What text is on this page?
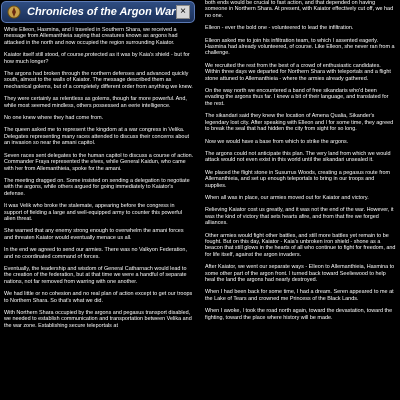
Chronicles of the Argon War ×

While Elleon, Hasmina, and I traveled in Southern Shara, we received a message from Allemanthieia saying that creatures known as argons had attacked in the north and now occupied the region surrounding Kaiator.

Kaiator itself still stood, of course,protected as it was by Kaia's shield - but for how much longer?

The argons had broken through the northern defenses and advanced quickly south, almost to the walls of Kaiator. The message described them as mechanical golems, but of a completely different order from anything we knew.

They were certainly as relentless as golems, though far more powerful. And, while most seemed mindless, others possessed an eerie intelligence.

No one knew where they had come from.

The queen asked me to represent the kingdom at a war congress in Velika. Delegates representing many races attended to discuss their concerns about an invasion so near the amani capitol.

Seven races sent delegates to the human capitol to discuss a course of action. Commander Fraya represented the elves, while General Kaidun, who came with her from Allemanthieia, spoke for the amani.

The meeting dragged on. Some insisted on sending a delegation to negotiate with the argons, while others argued for going immediately to Kaiator's defense.

It was Velik who broke the stalemate, appearing before the congress in support of fielding a large and well-equipped army to counter this powerful alien threat.

She warned that any enemy strong enough to overwhelm the amani forces and threaten Kaiator would eventually menace us all.

In the end we agreed to send our armies. There was no Valkyon Federation, and no coordinated command of forces.

Eventually, the leadership and wisdom of General Catharnach would lead to the creation of the federation, but at that time we were a handful of separate nations, not far removed from warring with one another.

We had little or no cohesion and no real plan of action except to get our troops to Northern Shara. So that's what we did.

With Northern Shara occupied by the argons and pegasus transport disabled, we needed to establish communication and transportation between Velika and the war zone. Establishing secure teleportals at

both ends would be crucial to fast action, and that depended on having someone in Northern Shara. At present, with Kaiator effectively cut off, we had no one.

Elleon - ever the bold one - volunteered to lead the infiltration.

Elleon asked me to join his infiltration team, to which I assented eagerly. Hasmina had already volunteered, of course. Like Elleon, she never ran from a challenge.

We recruited the rest from the best of a crowd of enthusiastic candidates. Within three days we departed for Northern Shara with teleportals and a flight stone attuned to Allemanthieia - where the armies already gathered.

On the way north we encountered a band of free sikandaris who'd been evading the argons thus far. I knew a bit of their language, and translated for the rest.

The sikandari said they knew the location of Amena Qualia, Sikander's legendary lost city. After speaking with Elleon and I for some time, they agreed to break the seal that had hidden the city from sight for so long.

Now we would have a base from which to strike the argons.

The argons could not anticipate this plan. The very land from which we would attack would not even exist in this world until the sikandari unsealed it.

We placed the flight stone in Susurrus Woods, creating a pegasus route from Allemanthieia, and set up enough teleportals to bring in our troops and supplies.

When all was in place, our armies moved out for Kaiator and victory.

Relieving Kaiator cost us greatly, and it was not the end of the war. However, it was the kind of victory that sets hearts afire, and from that fire we forged alliances.

Other armies would fight other battles, and still more battles yet remain to be fought. But on this day, Kaiator - Kaia's unbroken iron shield - shone as a beacon that still glows in the hearts of all who continue to fight for freedom, and for life itself, against the argon invaders.

After Kaiator, we went our separate ways - Elleon to Allemanthieia, Hasmina to some other part of the argon front. I turned back toward Seeliewood to help heal the land the argons had nearly destroyed.

When I had been back for some time, I had a dream. Seren appeared to me at the Lake of Tears and crowned me Princess of the Black Lands.

When I awoke, I took the road north again, toward the devastation, toward the fighting, toward the place where history will be made.
